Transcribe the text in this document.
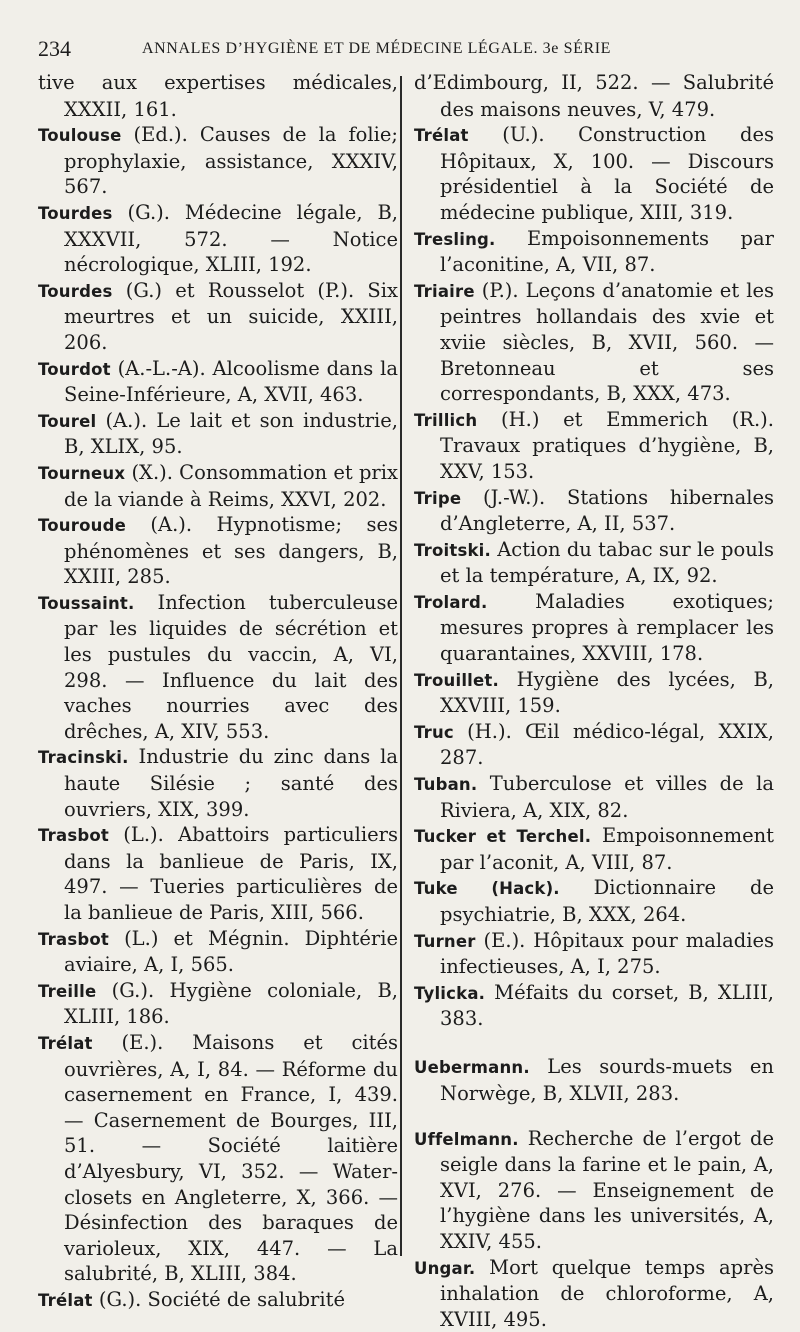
234	ANNALES D’HYGIÈNE ET DE MÉDECINE LÉGALE. 3e SÉRIE

tive aux expertises médicales, XXXII, 161.

Toulouse (Ed.). Causes de la folie; prophylaxie, assistance, XXXIV, 567.

Tourdes (G.). Médecine légale, B, XXXVII, 572. — Notice nécrologique, XLIII, 192.

Tourdes (G.) et Rousselot (P.). Six meurtres et un suicide, XXIII, 206.

Tourdot (A.-L.-A). Alcoolisme dans la Seine-Inférieure, A, XVII, 463.

Tourel (A.). Le lait et son industrie, B, XLIX, 95.

Tourneux (X.). Consommation et prix de la viande à Reims, XXVI, 202.

Touroude (A.). Hypnotisme; ses phénomènes et ses dangers, B, XXIII, 285.

Toussaint. Infection tuberculeuse par les liquides de sécrétion et les pustules du vaccin, A, VI, 298. — Influence du lait des vaches nourries avec des drêches, A, XIV, 553.

Tracinski. Industrie du zinc dans la haute Silésie ; santé des ouvriers, XIX, 399.

Trasbot (L.). Abattoirs particuliers dans la banlieue de Paris, IX, 497. — Tueries particulières de la banlieue de Paris, XIII, 566.

Trasbot (L.) et Mégnin. Diphtérie aviaire, A, I, 565.

Treille (G.). Hygiène coloniale, B, XLIII, 186.

Trélat (E.). Maisons et cités ouvrières, A, I, 84. — Réforme du casernement en France, I, 439. — Casernement de Bourges, III, 51. — Société laitière d’Alyesbury, VI, 352. — Water-closets en Angleterre, X, 366. — Désinfection des baraques de varioleux, XIX, 447. — La salubrité, B, XLIII, 384.

Trélat (G.). Société de salubrité

d’Edimbourg, II, 522. — Salubrité des maisons neuves, V, 479.

Trélat (U.). Construction des Hôpitaux, X, 100. — Discours présidentiel à la Société de médecine publique, XIII, 319.

Tresling. Empoisonnements par l’aconitine, A, VII, 87.

Triaire (P.). Leçons d’anatomie et les peintres hollandais des xvie et xviie siècles, B, XVII, 560. — Bretonneau et ses correspondants, B, XXX, 473.

Trillich (H.) et Emmerich (R.). Travaux pratiques d’hygiène, B, XXV, 153.

Tripe (J.-W.). Stations hibernales d’Angleterre, A, II, 537.

Troitski. Action du tabac sur le pouls et la température, A, IX, 92.

Trolard. Maladies exotiques; mesures propres à remplacer les quarantaines, XXVIII, 178.

Trouillet. Hygiène des lycées, B, XXVIII, 159.

Truc (H.). Œil médico-légal, XXIX, 287.

Tuban. Tuberculose et villes de la Riviera, A, XIX, 82.

Tucker et Terchel. Empoisonnement par l’aconit, A, VIII, 87.

Tuke (Hack). Dictionnaire de psychiatrie, B, XXX, 264.

Turner (E.). Hôpitaux pour maladies infectieuses, A, I, 275.

Tylicka. Méfaits du corset, B, XLIII, 383.

Uebermann. Les sourds-muets en Norwège, B, XLVII, 283.

Uffelmann. Recherche de l’ergot de seigle dans la farine et le pain, A, XVI, 276. — Enseignement de l’hygiène dans les universités, A, XXIV, 455.

Ungar. Mort quelque temps après inhalation de chloroforme, A, XVIII, 495.
